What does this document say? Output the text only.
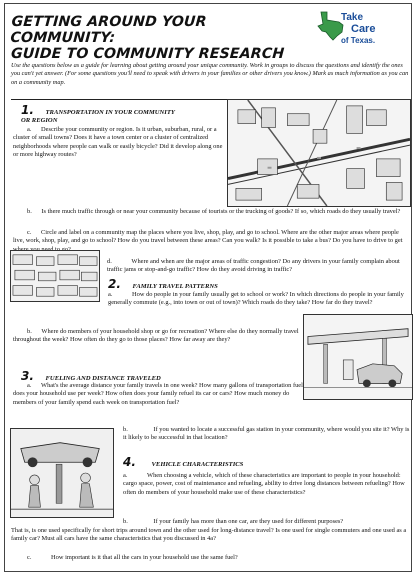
GETTING AROUND YOUR COMMUNITY:
GUIDE TO COMMUNITY RESEARCH
Take
Care
of Texas.
Use the questions below as a guide for learning about getting around your unique community. Work in groups to discuss the questions and identify the ones you can't yet answer. (For some questions you'll need to speak with drivers in your families or other drivers you know.) Mark as much information as you can on a community map.
1. TRANSPORTATION IN YOUR COMMUNITY
OR REGION
a. Describe your community or region. Is it urban, suburban, rural, or a cluster of small towns? Does it have a town center or a cluster of centralized neighborhoods where people can walk or easily bicycle? Did it develop along one or more highway routes?
b. Is there much traffic through or near your community because of tourists or the trucking of goods? If so, which roads do they usually travel?
c. Circle and label on a community map the places where you live, shop, play, and go to school. Where are the other major areas where people live, work, shop, play, and go to school? How do you travel between these areas? Can you walk? Is it possible to take a bus? Do you have to drive to get
d.	Where and when are the major areas of traffic congestion? Do any drivers in your family complain about traffic jams or stop-and-go traffic? How do they avoid driving in traffic?
2. FAMILY TRAVEL PATTERNS
a.	How do people in your family usually get to school or work? In which directions do people in your family generally commute (e.g., into town or out of town)? Which roads do they take? How far do they travel?
b. Where do members of your household shop or go for recreation? Where else do they normally travel throughout the week? How often do they go to those places? How far away are they?
3. FUELING AND DISTANCE TRAVELED
a. What's the average distance your family travels in one week? How many gallons of transportation fuel does your household use per week? How often does your family refuel its car or cars? How much money do members of your family spend each week on transportation fuel?
b.	If you wanted to locate a successful gas station in your community, where would you site it? Why is it likely to be successful in that location?
4. VEHICLE CHARACTERISTICS
a.	When choosing a vehicle, which of these characteristics are important to people in your household: cargo space, power, cost of maintenance and refueling, ability to drive long distances between refueling? How often do members of your household make use of these characteristics?
b.	If your family has more than one car, are they used for different purposes?
That is, is one used specifically for short trips around town and the other used for long-distance travel? Is one used for single commuters and one used as a family car? Must all cars have the same characteristics that you discussed in 4a?
c.	How important is it that all the cars in your household use the same fuel?
